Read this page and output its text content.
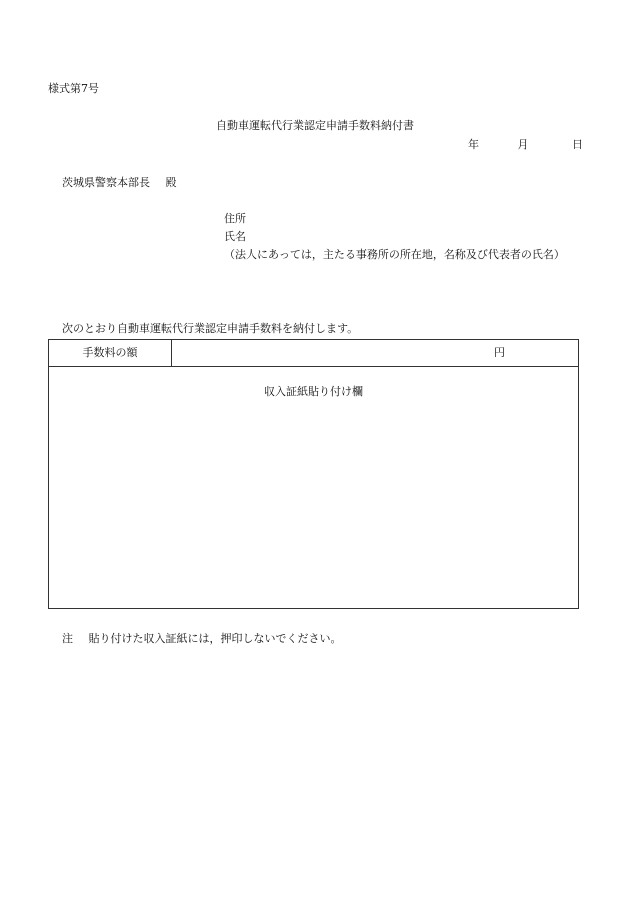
様式第7号
自動車運転代行業認定申請手数料納付書
年	月	日
茨城県警察本部長 殿
住所
氏名
（法人にあっては，主たる事務所の所在地，名称及び代表者の氏名）
次のとおり自動車運転代行業認定申請手数料を納付します。
手数料の額	円
収入証紙貼り付け欄
注 貼り付けた収入証紙には，押印しないでください。
